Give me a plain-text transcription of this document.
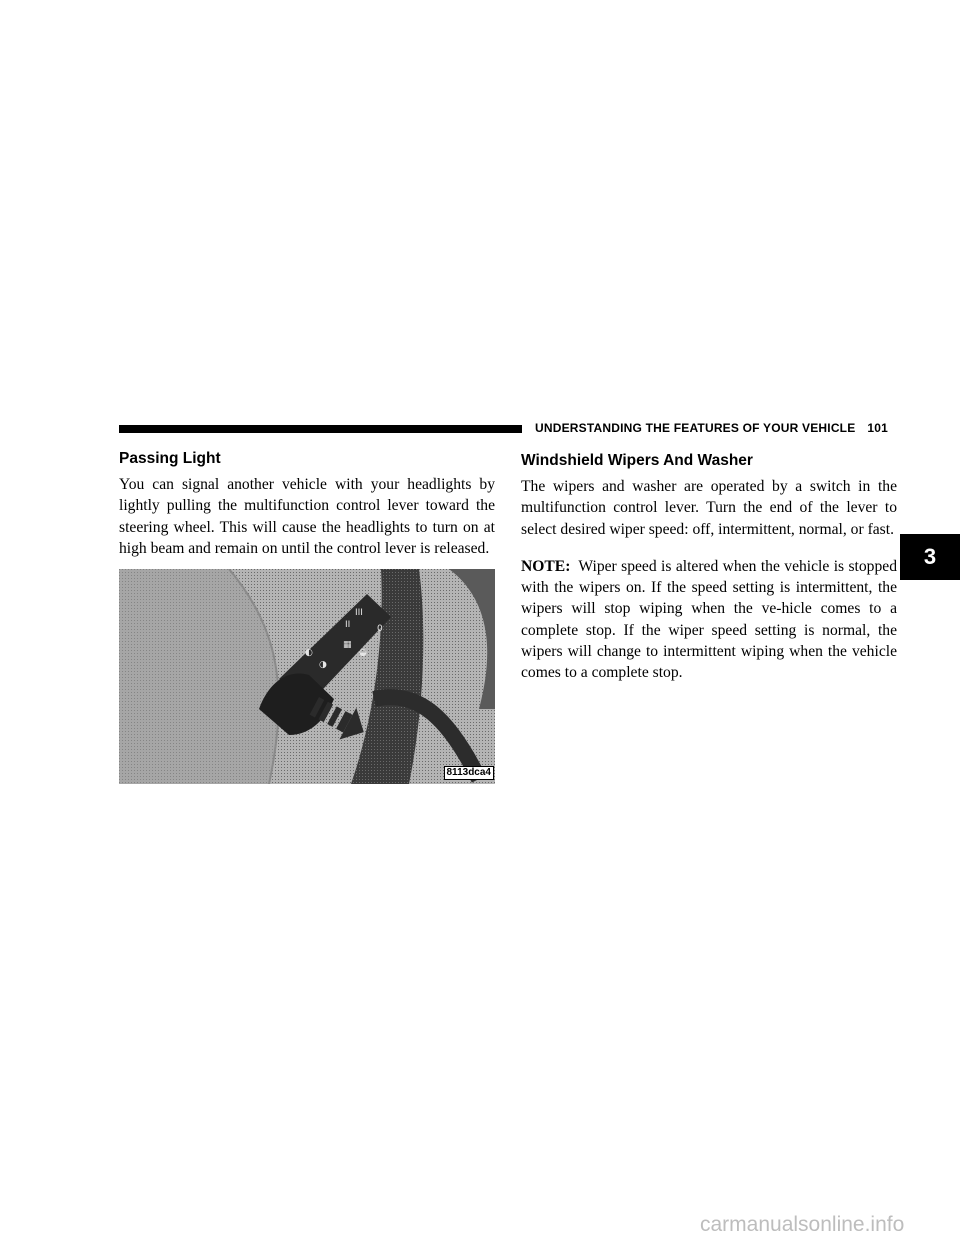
UNDERSTANDING THE FEATURES OF YOUR VEHICLE 101
Passing Light

You can signal another vehicle with your headlights by lightly pulling the multifunction control lever toward the steering wheel. This will cause the headlights to turn on at high beam and remain on until the control lever is released.

III
II	0
◐
◑
▦
◒
8113dca4
Windshield Wipers And Washer

The wipers and washer are operated by a switch in the multifunction control lever. Turn the end of the lever to select desired wiper speed: off, intermittent, normal, or fast.

NOTE: Wiper speed is altered when the vehicle is stopped with the wipers on. If the speed setting is intermittent, the wipers will stop wiping when the ve-hicle comes to a complete stop. If the wiper speed setting is normal, the wipers will change to intermittent wiping when the vehicle comes to a complete stop.

3
carmanualsonline.info
